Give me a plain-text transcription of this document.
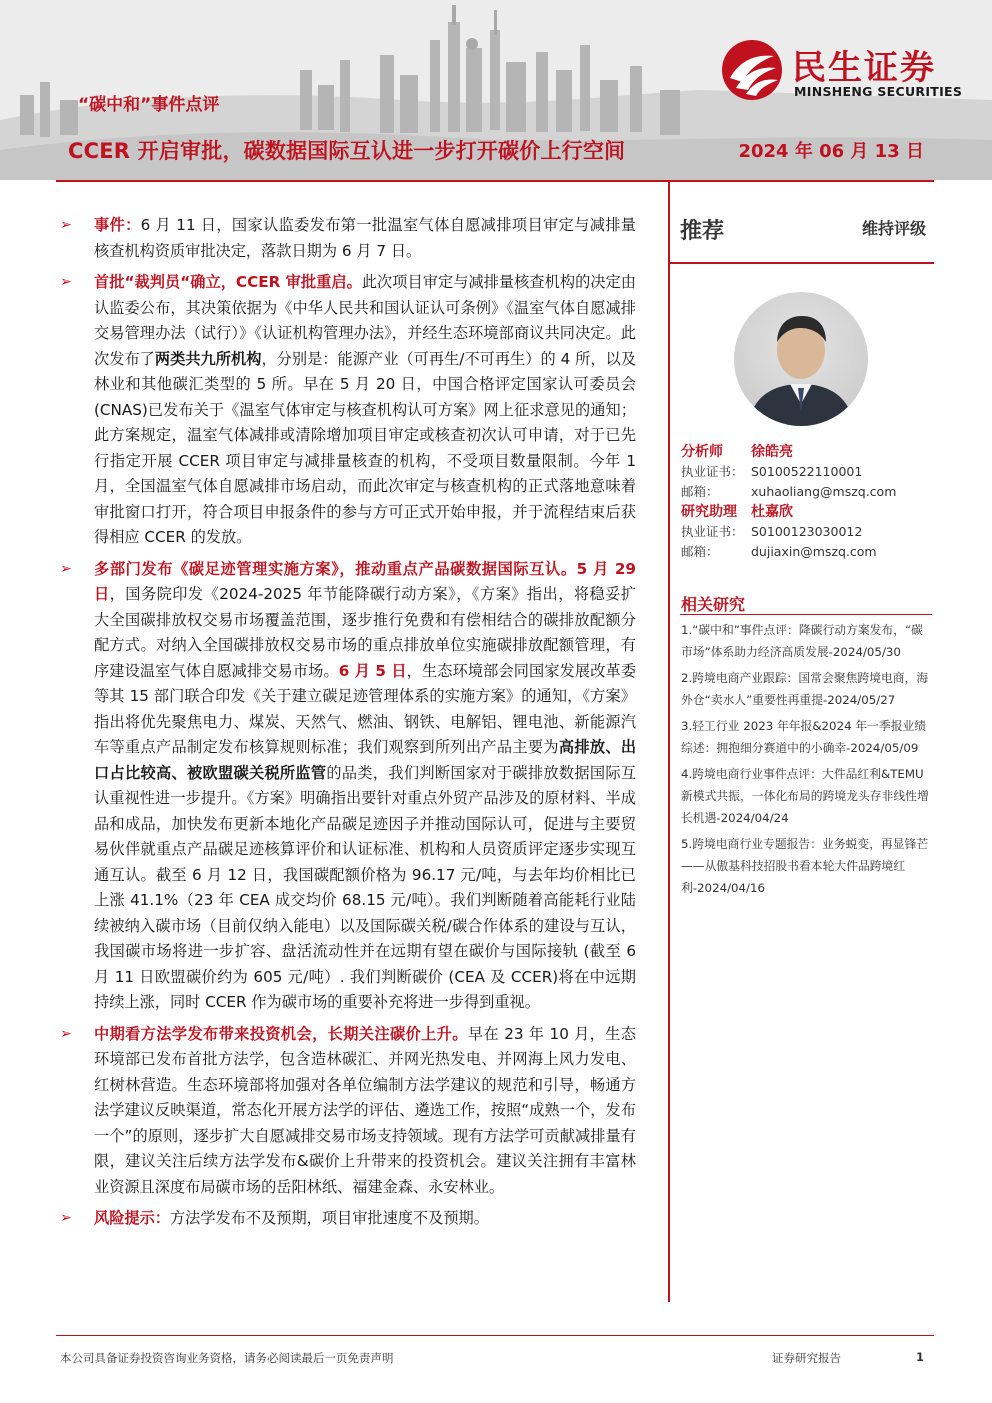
民生证券
MINSHENG SECURITIES
“碳中和”事件点评
CCER 开启审批，碳数据国际互认进一步打开碳价上行空间	2024 年 06 月 13 日

➢ 事件：6 月 11 日，国家认监委发布第一批温室气体自愿减排项目审定与减排量核查机构资质审批决定，落款日期为 6 月 7 日。

➢ 首批“裁判员“确立，CCER 审批重启。此次项目审定与减排量核查机构的决定由认监委公布，其决策依据为《中华人民共和国认证认可条例》《温室气体自愿减排交易管理办法（试行）》《认证机构管理办法》，并经生态环境部商议共同决定。此次发布了两类共九所机构，分别是：能源产业（可再生/不可再生）的 4 所，以及林业和其他碳汇类型的 5 所。早在 5 月 20 日，中国合格评定国家认可委员会(CNAS)已发布关于《温室气体审定与核查机构认可方案》网上征求意见的通知；此方案规定，温室气体减排或清除增加项目审定或核查初次认可申请，对于已先行指定开展 CCER 项目审定与减排量核查的机构，不受项目数量限制。今年 1 月，全国温室气体自愿减排市场启动，而此次审定与核查机构的正式落地意味着审批窗口打开，符合项目申报条件的参与方可正式开始申报，并于流程结束后获得相应 CCER 的发放。

➢ 多部门发布《碳足迹管理实施方案》，推动重点产品碳数据国际互认。5 月 29 日，国务院印发《2024-2025 年节能降碳行动方案》，《方案》指出，将稳妥扩大全国碳排放权交易市场覆盖范围，逐步推行免费和有偿相结合的碳排放配额分配方式。对纳入全国碳排放权交易市场的重点排放单位实施碳排放配额管理，有序建设温室气体自愿减排交易市场。6 月 5 日，生态环境部会同国家发展改革委等其 15 部门联合印发《关于建立碳足迹管理体系的实施方案》的通知，《方案》指出将优先聚焦电力、煤炭、天然气、燃油、钢铁、电解铝、锂电池、新能源汽车等重点产品制定发布核算规则标准；我们观察到所列出产品主要为高排放、出口占比较高、被欧盟碳关税所监管的品类，我们判断国家对于碳排放数据国际互认重视性进一步提升。《方案》明确指出要针对重点外贸产品涉及的原材料、半成品和成品，加快发布更新本地化产品碳足迹因子并推动国际认可，促进与主要贸易伙伴就重点产品碳足迹核算评价和认证标准、机构和人员资质评定逐步实现互通互认。截至 6 月 12 日，我国碳配额价格为 96.17 元/吨，与去年均价相比已上涨 41.1%（23 年 CEA 成交均价 68.15 元/吨）。我们判断随着高能耗行业陆续被纳入碳市场（目前仅纳入能电）以及国际碳关税/碳合作体系的建设与互认，我国碳市场将进一步扩容、盘活流动性并在远期有望在碳价与国际接轨 (截至 6 月 11 日欧盟碳价约为 605 元/吨）. 我们判断碳价 (CEA 及 CCER)将在中远期持续上涨，同时 CCER 作为碳市场的重要补充将进一步得到重视。

➢ 中期看方法学发布带来投资机会，长期关注碳价上升。早在 23 年 10 月，生态环境部已发布首批方法学，包含造林碳汇、并网光热发电、并网海上风力发电、红树林营造。生态环境部将加强对各单位编制方法学建议的规范和引导，畅通方法学建议反映渠道，常态化开展方法学的评估、遴选工作，按照“成熟一个，发布一个”的原则，逐步扩大自愿减排交易市场支持领域。现有方法学可贡献减排量有限，建议关注后续方法学发布&碳价上升带来的投资机会。建议关注拥有丰富林业资源且深度布局碳市场的岳阳林纸、福建金森、永安林业。

➢ 风险提示：方法学发布不及预期，项目审批速度不及预期。

推荐	维持评级
分析师	徐皓亮
执业证书： S0100522110001
邮箱：	xuhaoliang@mszq.com
研究助理	杜嘉欣
执业证书： S0100123030012
邮箱：	dujiaxin@mszq.com
相关研究
1.“碳中和”事件点评：降碳行动方案发布，“碳市场”体系助力经济高质发展-2024/05/30
2.跨境电商产业跟踪：国常会聚焦跨境电商，海外仓“卖水人”重要性再重提-2024/05/27
3.轻工行业 2023 年年报&2024 年一季报业绩综述：拥抱细分赛道中的小确幸-2024/05/09
4.跨境电商行业事件点评：大件品红利&TEMU 新模式共振，一体化布局的跨境龙头存非线性增长机遇-2024/04/24
5.跨境电商行业专题报告：业务蜕变，再显锋芒——从傲基科技招股书看本轮大件品跨境红利-2024/04/16
本公司具备证券投资咨询业务资格，请务必阅读最后一页免责声明	证券研究报告	1
